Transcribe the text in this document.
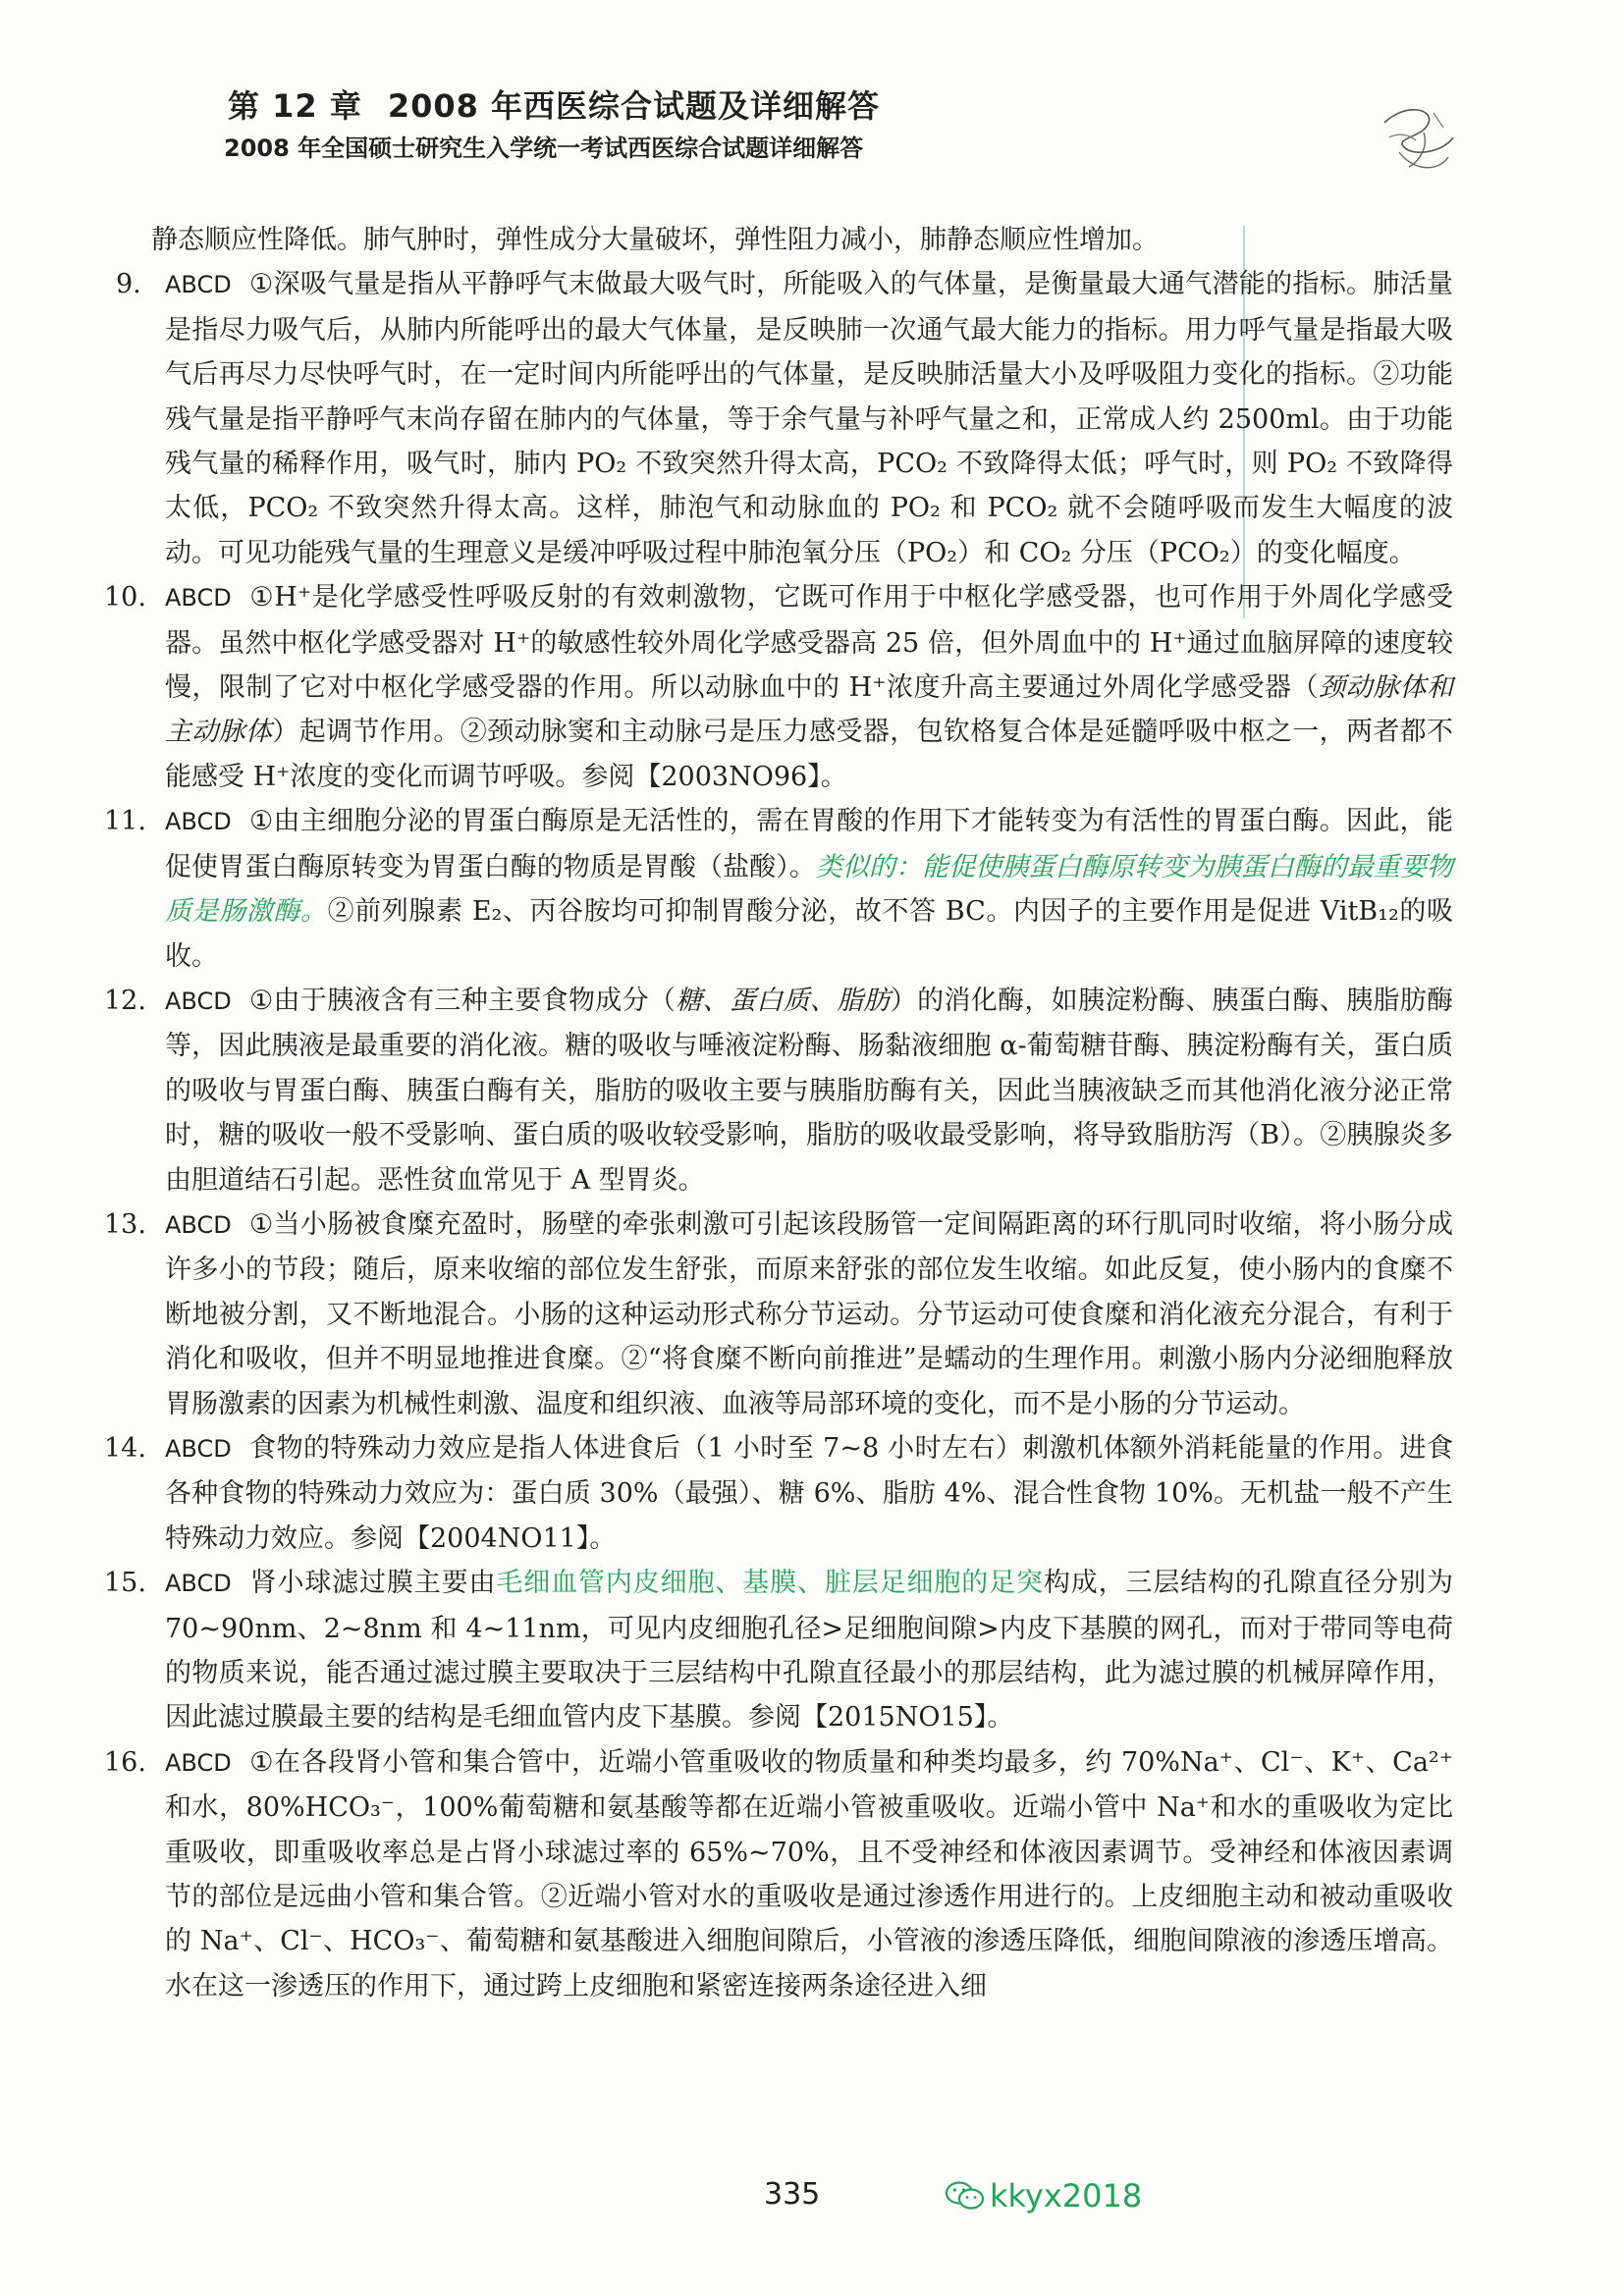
第 12 章 2008 年西医综合试题及详细解答
2008 年全国硕士研究生入学统一考试西医综合试题详细解答
静态顺应性降低。肺气肿时，弹性成分大量破坏，弹性阻力减小，肺静态顺应性增加。
9. ABCD ①深吸气量是指从平静呼气末做最大吸气时，所能吸入的气体量，是衡量最大通气潜能的指标。肺活量是指尽力吸气后，从肺内所能呼出的最大气体量，是反映肺一次通气最大能力的指标。用力呼气量是指最大吸气后再尽力尽快呼气时，在一定时间内所能呼出的气体量，是反映肺活量大小及呼吸阻力变化的指标。②功能残气量是指平静呼气末尚存留在肺内的气体量，等于余气量与补呼气量之和，正常成人约 2500ml。由于功能残气量的稀释作用，吸气时，肺内 PO₂ 不致突然升得太高，PCO₂ 不致降得太低；呼气时，则 PO₂ 不致降得太低，PCO₂ 不致突然升得太高。这样，肺泡气和动脉血的 PO₂ 和 PCO₂ 就不会随呼吸而发生大幅度的波动。可见功能残气量的生理意义是缓冲呼吸过程中肺泡氧分压（PO₂）和 CO₂ 分压（PCO₂）的变化幅度。
10. ABCD ①H⁺是化学感受性呼吸反射的有效刺激物，它既可作用于中枢化学感受器，也可作用于外周化学感受器。虽然中枢化学感受器对 H⁺的敏感性较外周化学感受器高 25 倍，但外周血中的 H⁺通过血脑屏障的速度较慢，限制了它对中枢化学感受器的作用。所以动脉血中的 H⁺浓度升高主要通过外周化学感受器（颈动脉体和主动脉体）起调节作用。②颈动脉窦和主动脉弓是压力感受器，包钦格复合体是延髓呼吸中枢之一，两者都不能感受 H⁺浓度的变化而调节呼吸。参阅【2003NO96】。
11. ABCD ①由主细胞分泌的胃蛋白酶原是无活性的，需在胃酸的作用下才能转变为有活性的胃蛋白酶。因此，能促使胃蛋白酶原转变为胃蛋白酶的物质是胃酸（盐酸）。类似的：能促使胰蛋白酶原转变为胰蛋白酶的最重要物质是肠激酶。②前列腺素 E₂、丙谷胺均可抑制胃酸分泌，故不答 BC。内因子的主要作用是促进 VitB₁₂的吸收。
12. ABCD ①由于胰液含有三种主要食物成分（糖、蛋白质、脂肪）的消化酶，如胰淀粉酶、胰蛋白酶、胰脂肪酶等，因此胰液是最重要的消化液。糖的吸收与唾液淀粉酶、肠黏液细胞 α-葡萄糖苷酶、胰淀粉酶有关，蛋白质的吸收与胃蛋白酶、胰蛋白酶有关，脂肪的吸收主要与胰脂肪酶有关，因此当胰液缺乏而其他消化液分泌正常时，糖的吸收一般不受影响、蛋白质的吸收较受影响，脂肪的吸收最受影响，将导致脂肪泻（B）。②胰腺炎多由胆道结石引起。恶性贫血常见于 A 型胃炎。
13. ABCD ①当小肠被食糜充盈时，肠壁的牵张刺激可引起该段肠管一定间隔距离的环行肌同时收缩，将小肠分成许多小的节段；随后，原来收缩的部位发生舒张，而原来舒张的部位发生收缩。如此反复，使小肠内的食糜不断地被分割，又不断地混合。小肠的这种运动形式称分节运动。分节运动可使食糜和消化液充分混合，有利于消化和吸收，但并不明显地推进食糜。②“将食糜不断向前推进”是蠕动的生理作用。刺激小肠内分泌细胞释放胃肠激素的因素为机械性刺激、温度和组织液、血液等局部环境的变化，而不是小肠的分节运动。
14. ABCD 食物的特殊动力效应是指人体进食后（1 小时至 7~8 小时左右）刺激机体额外消耗能量的作用。进食各种食物的特殊动力效应为：蛋白质 30%（最强）、糖 6%、脂肪 4%、混合性食物 10%。无机盐一般不产生特殊动力效应。参阅【2004NO11】。
15. ABCD 肾小球滤过膜主要由毛细血管内皮细胞、基膜、脏层足细胞的足突构成，三层结构的孔隙直径分别为 70~90nm、2~8nm 和 4~11nm，可见内皮细胞孔径>足细胞间隙>内皮下基膜的网孔，而对于带同等电荷的物质来说，能否通过滤过膜主要取决于三层结构中孔隙直径最小的那层结构，此为滤过膜的机械屏障作用，因此滤过膜最主要的结构是毛细血管内皮下基膜。参阅【2015NO15】。
16. ABCD ①在各段肾小管和集合管中，近端小管重吸收的物质量和种类均最多，约 70%Na⁺、Cl⁻、K⁺、Ca²⁺和水，80%HCO₃⁻，100%葡萄糖和氨基酸等都在近端小管被重吸收。近端小管中 Na⁺和水的重吸收为定比重吸收，即重吸收率总是占肾小球滤过率的 65%~70%，且不受神经和体液因素调节。受神经和体液因素调节的部位是远曲小管和集合管。②近端小管对水的重吸收是通过渗透作用进行的。上皮细胞主动和被动重吸收的 Na⁺、Cl⁻、HCO₃⁻、葡萄糖和氨基酸进入细胞间隙后，小管液的渗透压降低，细胞间隙液的渗透压增高。水在这一渗透压的作用下，通过跨上皮细胞和紧密连接两条途径进入细
335	kkyx2018
